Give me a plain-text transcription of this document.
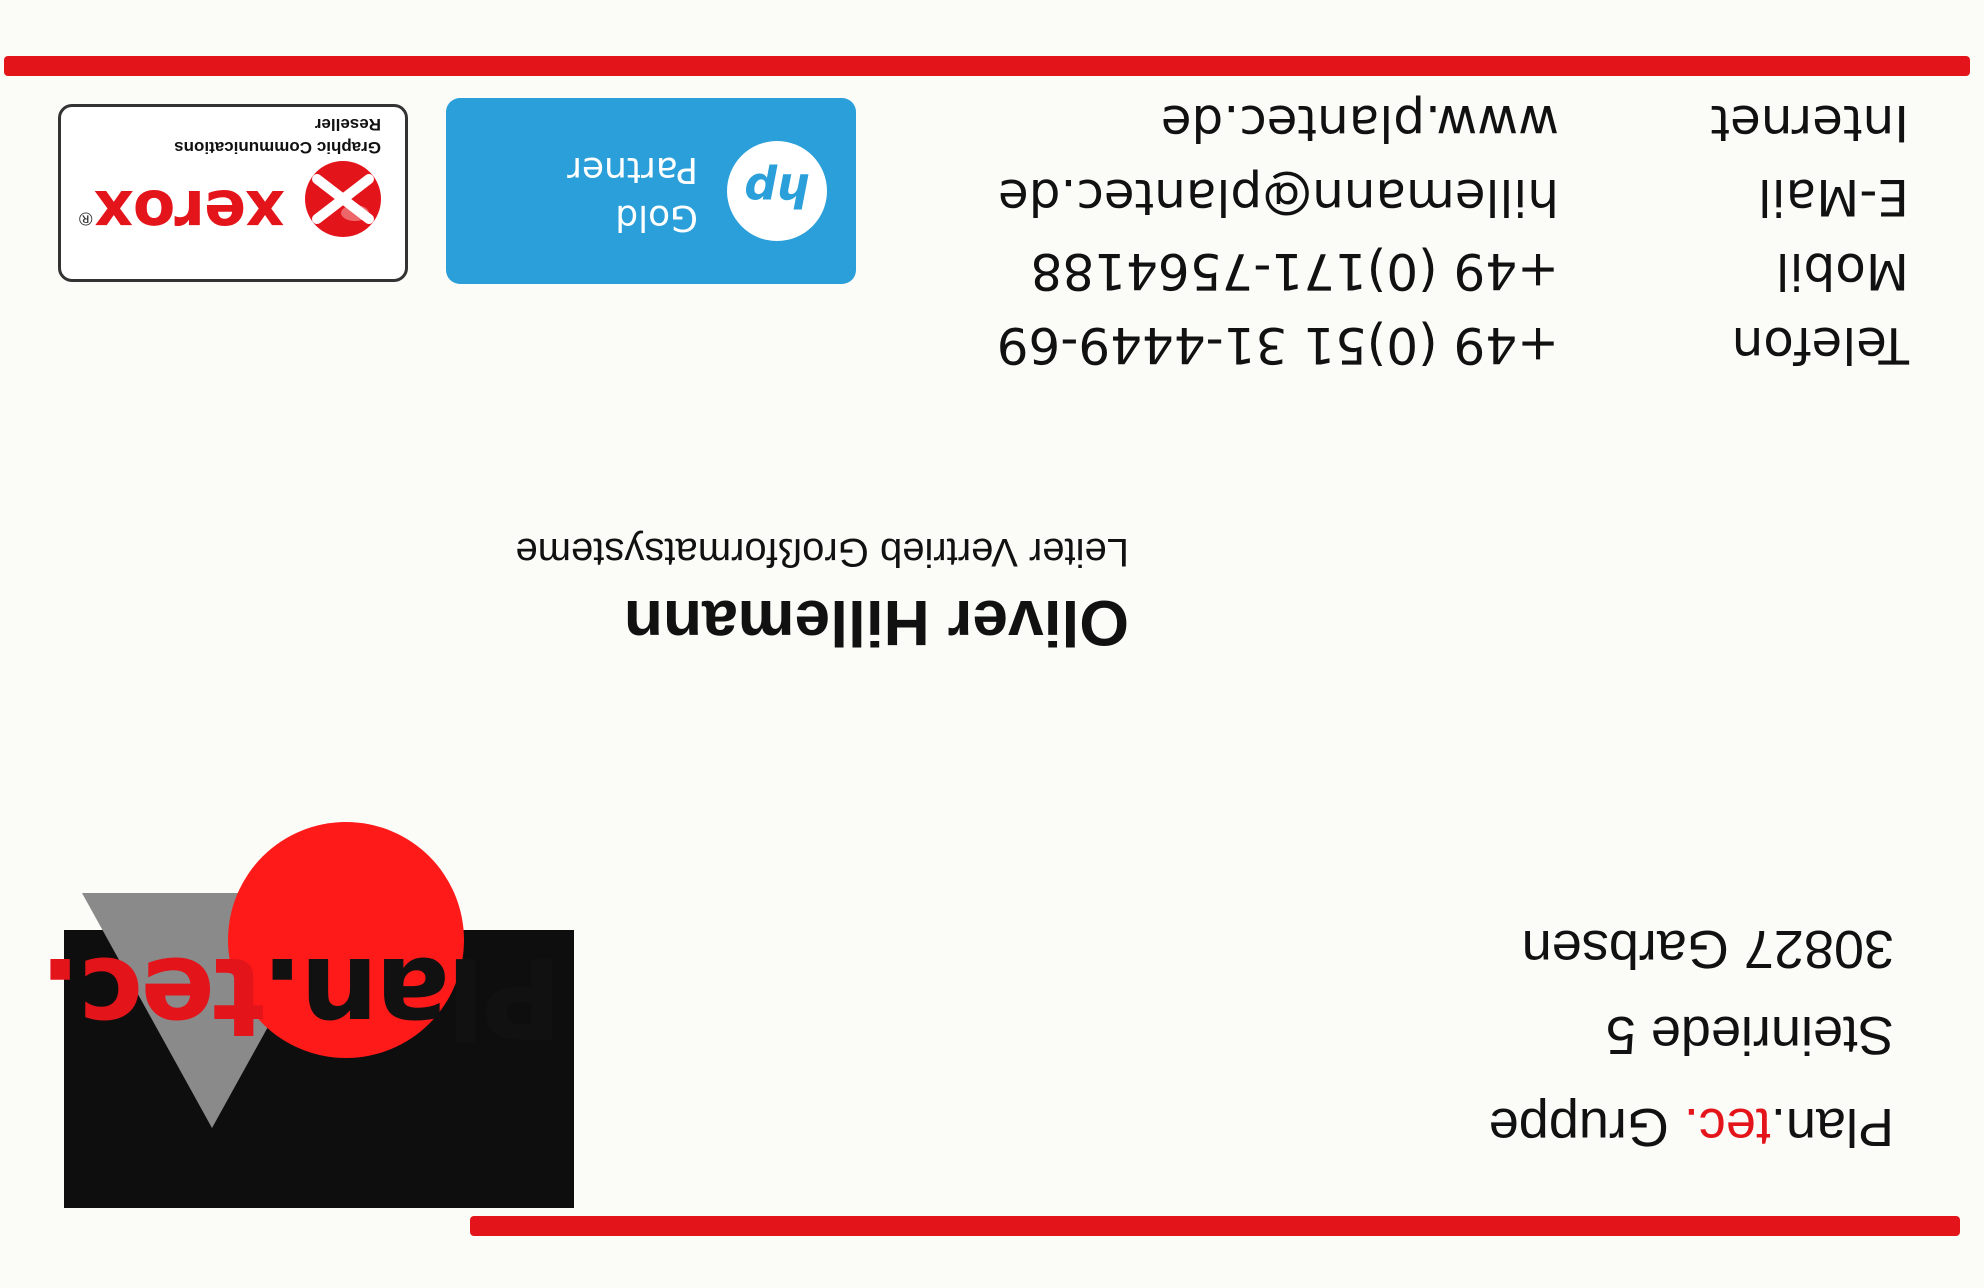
Plan.tec.
Plan.tec. Gruppe
Steinriede 5
30827 Garbsen
Oliver Hillemann
Leiter Vertrieb Großformatsysteme
Telefon
Mobil
E-Mail
Internet
+49 (0)51 31-4449-69
+49 (0)171-7564188
hillemann@plantec.de
www.plantec.de
hp
Gold
Partner
xerox®
Graphic Communications
Reseller
